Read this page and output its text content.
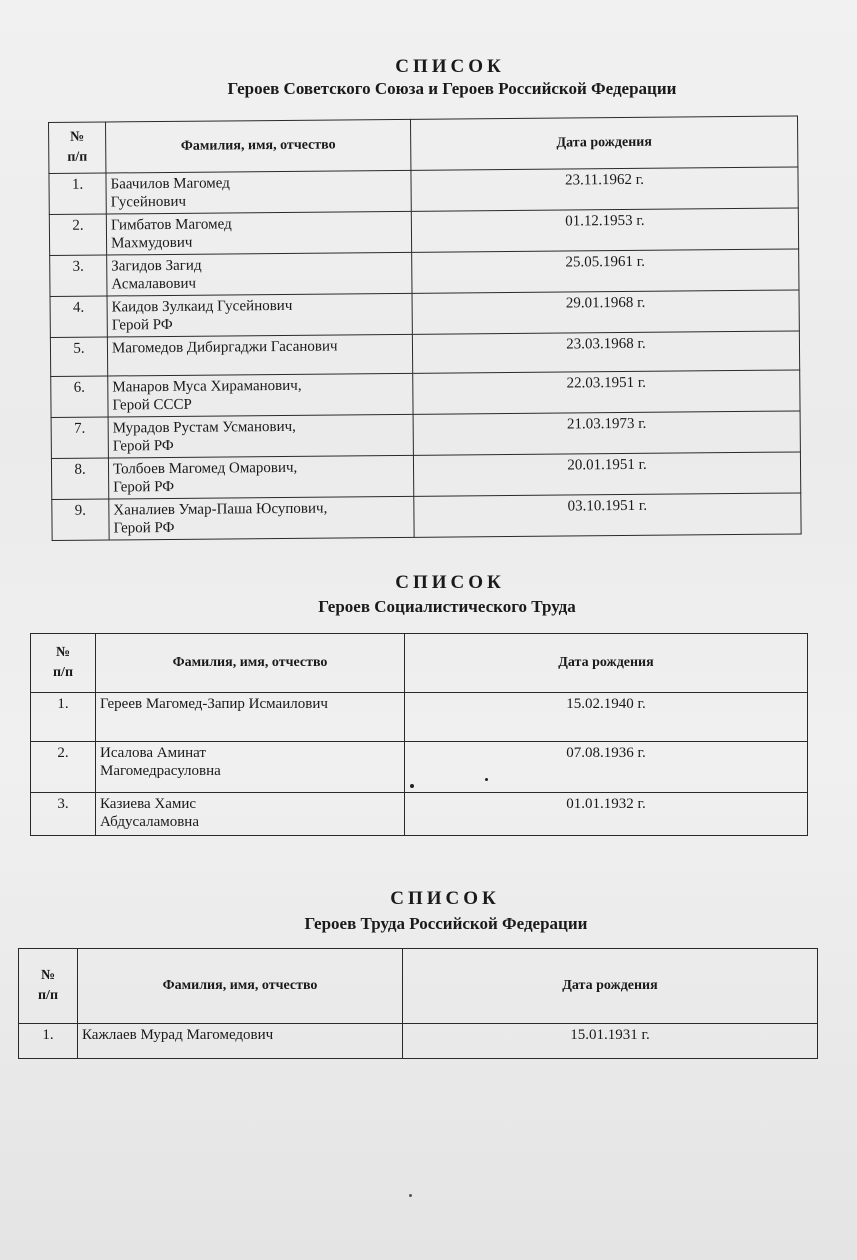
СПИСОК
Героев Советского Союза и Героев Российской Федерации
№
п/п	Фамилия, имя, отчество	Дата рождения
1.	Баачилов Магомед
Гусейнович	23.11.1962 г.
2.	Гимбатов Магомед
Махмудович	01.12.1953 г.
3.	Загидов Загид
Асмалавович	25.05.1961 г.
4.	Каидов Зулкаид Гусейнович
Герой РФ	29.01.1968 г.
5.	Магомедов Дибиргаджи Гасанович	23.03.1968 г.
6.	Манаров Муса Хираманович,
Герой СССР	22.03.1951 г.
7.	Мурадов Рустам Усманович,
Герой РФ	21.03.1973 г.
8.	Толбоев Магомед Омарович,
Герой РФ	20.01.1951 г.
9.	Ханалиев Умар-Паша Юсупович,
Герой РФ	03.10.1951 г.
СПИСОК
Героев Социалистического Труда
№
п/п	Фамилия, имя, отчество	Дата рождения
1.	Гереев Магомед-Запир Исмаилович	15.02.1940 г.
2.	Исалова Аминат
Магомедрасуловна	07.08.1936 г.
3.	Казиева Хамис
Абдусаламовна	01.01.1932 г.
СПИСОК
Героев Труда Российской Федерации
№
п/п	Фамилия, имя, отчество	Дата рождения
1.	Кажлаев Мурад Магомедович	15.01.1931 г.
